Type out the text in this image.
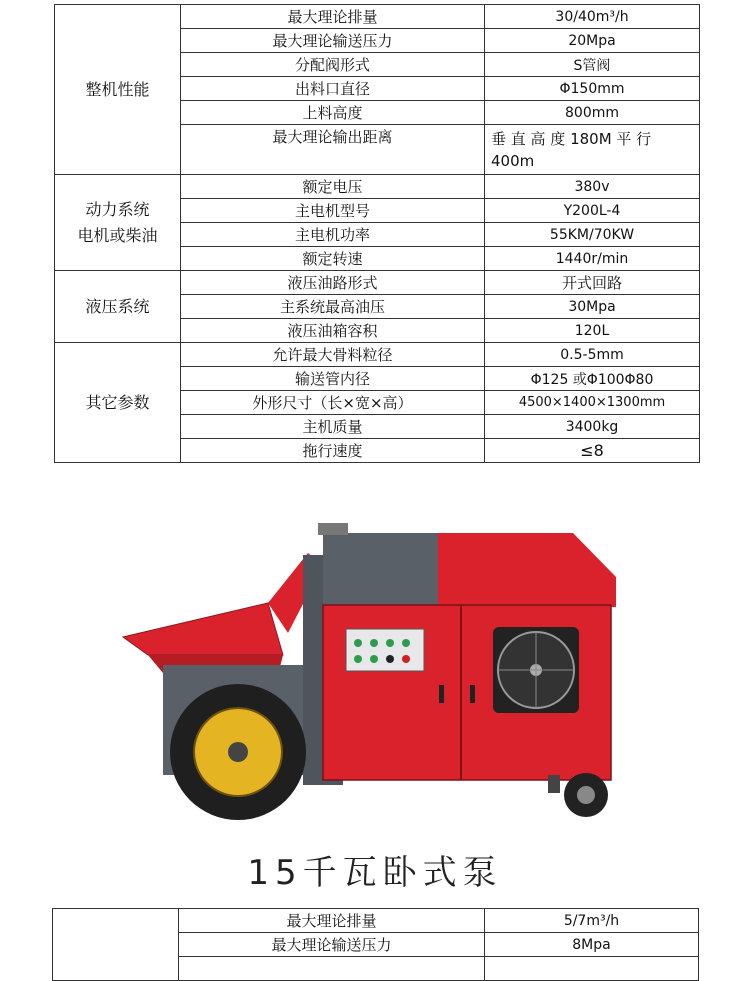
整机性能	最大理论排量	30/40m³/h
	最大理论输送压力	20Mpa
	分配阀形式	S管阀
	出料口直径	Φ150mm
	上料高度	800mm
	最大理论输出距离	垂 直 高 度 180M 平 行 400m
动力系统
电机或柴油	额定电压	380v
	主电机型号	Y200L-4
	主电机功率	55KM/70KW
	额定转速	1440r/min
液压系统	液压油路形式	开式回路
	主系统最高油压	30Mpa
	液压油箱容积	120L
其它参数	允许最大骨料粒径	0.5-5mm
	输送管内径	Φ125 或Φ100Φ80
	外形尺寸（长×宽×高）	4500×1400×1300mm
	主机质量	3400kg
	拖行速度	≤8
15千瓦卧式泵
	最大理论排量	5/7m³/h
	最大理论输送压力	8Mpa
